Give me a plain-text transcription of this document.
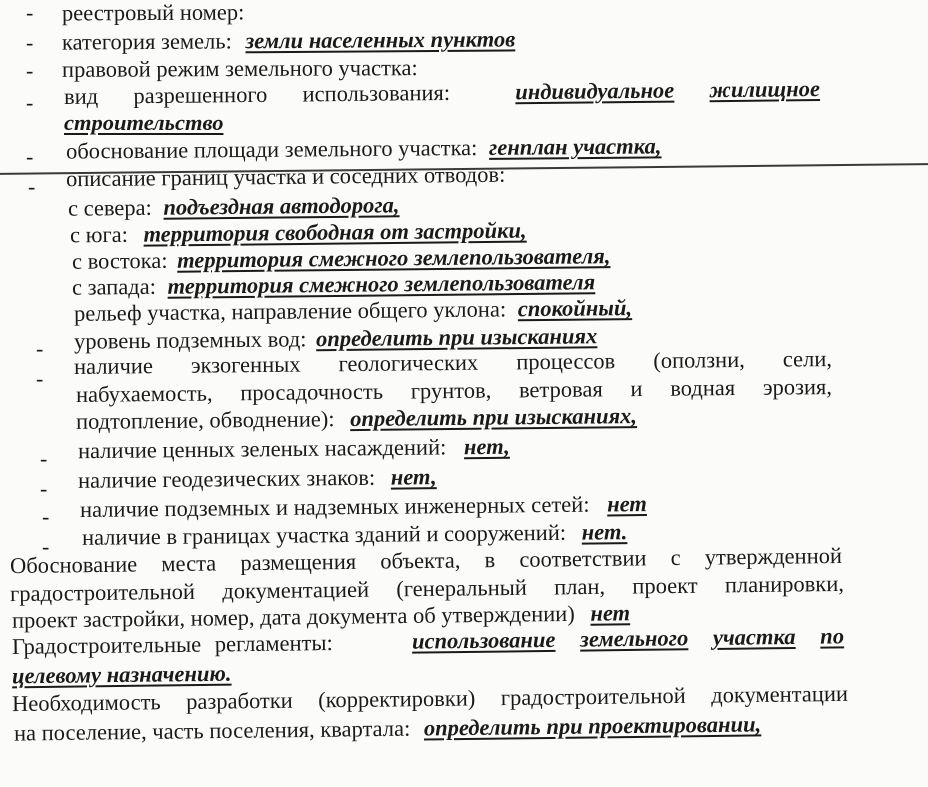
- реестровый номер:
- категория земель: земли населенных пунктов
- правовой режим земельного участка:
- вид разрешенного использования:	индивидуальное жилищное
строительство
- обоснование площади земельного участка: генплан участка,
- описание границ участка и соседних отводов:
с севера: подъездная автодорога,
с юга: территория свободная от застройки,
с востока: территория смежного землепользователя,
с запада: территория смежного землепользователя
рельеф участка, направление общего уклона: спокойный,
- уровень подземных вод: определить при изысканиях
- наличие экзогенных геологических процессов (оползни, сели,
набухаемость, просадочность грунтов, ветровая и водная эрозия,
подтопление, обводнение): определить при изысканиях,
- наличие ценных зеленых насаждений: нет,
- наличие геодезических знаков: нет,
- наличие подземных и надземных инженерных сетей: нет
- наличие в границах участка зданий и сооружений: нет.
Обоснование места размещения объекта, в соответствии с утвержденной
градостроительной документацией (генеральный план, проект планировки,
проект застройки, номер, дата документа об утверждении) нет
Градостроительные регламенты:	использование земельного участка по
целевому назначению.
Необходимость разработки (корректировки) градостроительной документации
на поселение, часть поселения, квартала: определить при проектировании,
